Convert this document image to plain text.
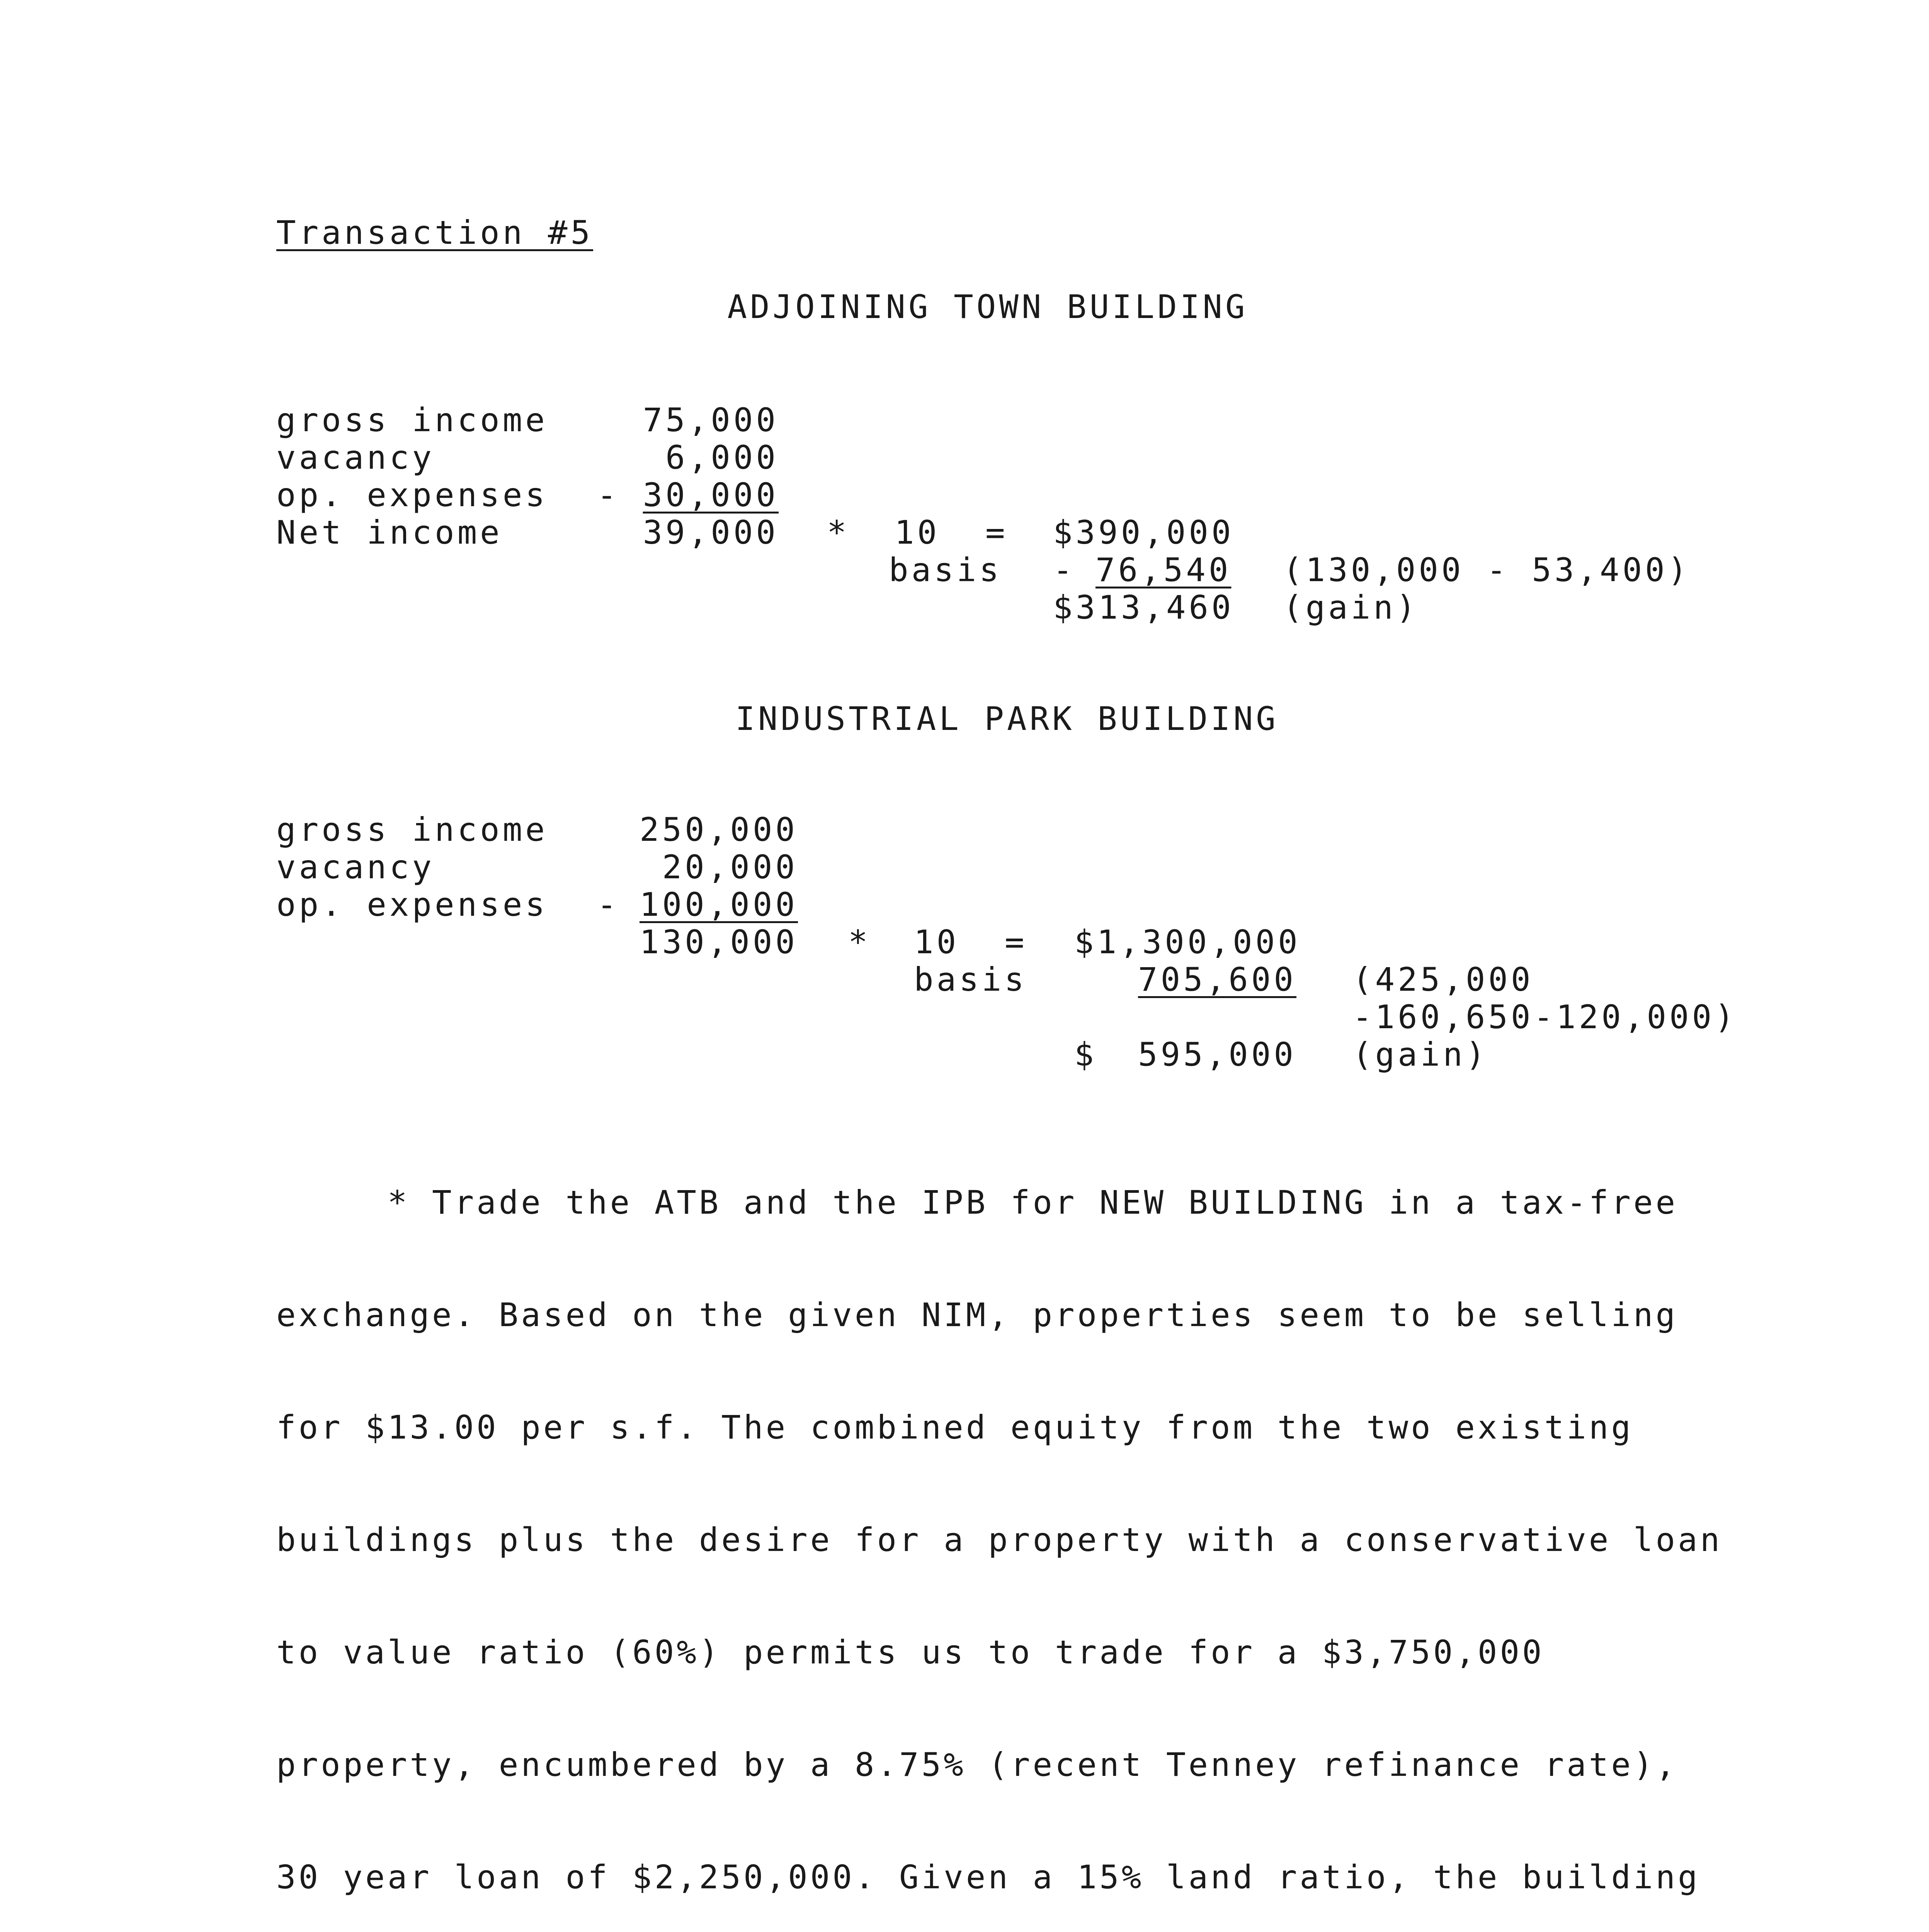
Transaction #5
ADJOINING TOWN BUILDING
gross income	75,000
vacancy	6,000
op. expenses - 30,000
Net income	39,000 * 10 = $390,000
basis - 76,540 (130,000 - 53,400)
$313,460 (gain)
INDUSTRIAL PARK BUILDING
gross income	250,000
vacancy	20,000
op. expenses - 100,000
130,000 * 10 = $1,300,000
basis	705,600 (425,000
-160,650-120,000)
$ 595,000 (gain)

* Trade the ATB and the IPB for NEW BUILDING in a tax-free

exchange. Based on the given NIM, properties seem to be selling

for $13.00 per s.f. The combined equity from the two existing

buildings plus the desire for a property with a conservative loan

to value ratio (60%) permits us to trade for a $3,750,000

property, encumbered by a 8.75% (recent Tenney refinance rate),

30 year loan of $2,250,000. Given a 15% land ratio, the building
